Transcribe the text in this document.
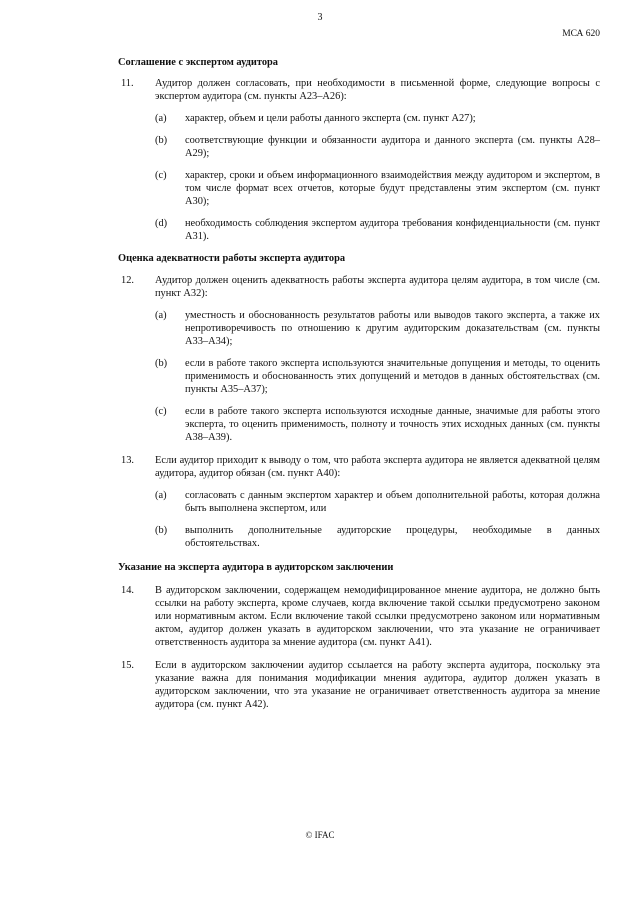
3
МСА 620
Соглашение с экспертом аудитора
11.	Аудитор должен согласовать, при необходимости в письменной форме, следующие вопросы с экспертом аудитора (см. пункты А23–А26):
(a)	характер, объем и цели работы данного эксперта (см. пункт А27);
(b)	соответствующие функции и обязанности аудитора и данного эксперта (см. пункты А28–А29);
(c)	характер, сроки и объем информационного взаимодействия между аудитором и экспертом, в том числе формат всех отчетов, которые будут представлены этим экспертом (см. пункт А30);
(d)	необходимость соблюдения экспертом аудитора требования конфиденциальности (см. пункт А31).
Оценка адекватности работы эксперта аудитора
12.	Аудитор должен оценить адекватность работы эксперта аудитора целям аудитора, в том числе (см. пункт А32):
(a)	уместность и обоснованность результатов работы или выводов такого эксперта, а также их непротиворечивость по отношению к другим аудиторским доказательствам (см. пункты А33–А34);
(b)	если в работе такого эксперта используются значительные допущения и методы, то оценить применимость и обоснованность этих допущений и методов в данных обстоятельствах (см. пункты А35–А37);
(c)	если в работе такого эксперта используются исходные данные, значимые для работы этого эксперта, то оценить применимость, полноту и точность этих исходных данных (см. пункты А38–А39).
13.	Если аудитор приходит к выводу о том, что работа эксперта аудитора не является адекватной целям аудитора, аудитор обязан (см. пункт А40):
(a)	согласовать с данным экспертом характер и объем дополнительной работы, которая должна быть выполнена экспертом, или
(b)	выполнить дополнительные аудиторские процедуры, необходимые в данных обстоятельствах.
Указание на эксперта аудитора в аудиторском заключении
14.	В аудиторском заключении, содержащем немодифицированное мнение аудитора, не должно быть ссылки на работу эксперта, кроме случаев, когда включение такой ссылки предусмотрено законом или нормативным актом. Если включение такой ссылки предусмотрено законом или нормативным актом, аудитор должен указать в аудиторском заключении, что эта указание не ограничивает ответственность аудитора за мнение аудитора (см. пункт А41).
15.	Если в аудиторском заключении аудитор ссылается на работу эксперта аудитора, поскольку эта указание важна для понимания модификации мнения аудитора, аудитор должен указать в аудиторском заключении, что эта указание не ограничивает ответственность аудитора за мнение аудитора (см. пункт А42).
© IFAC
